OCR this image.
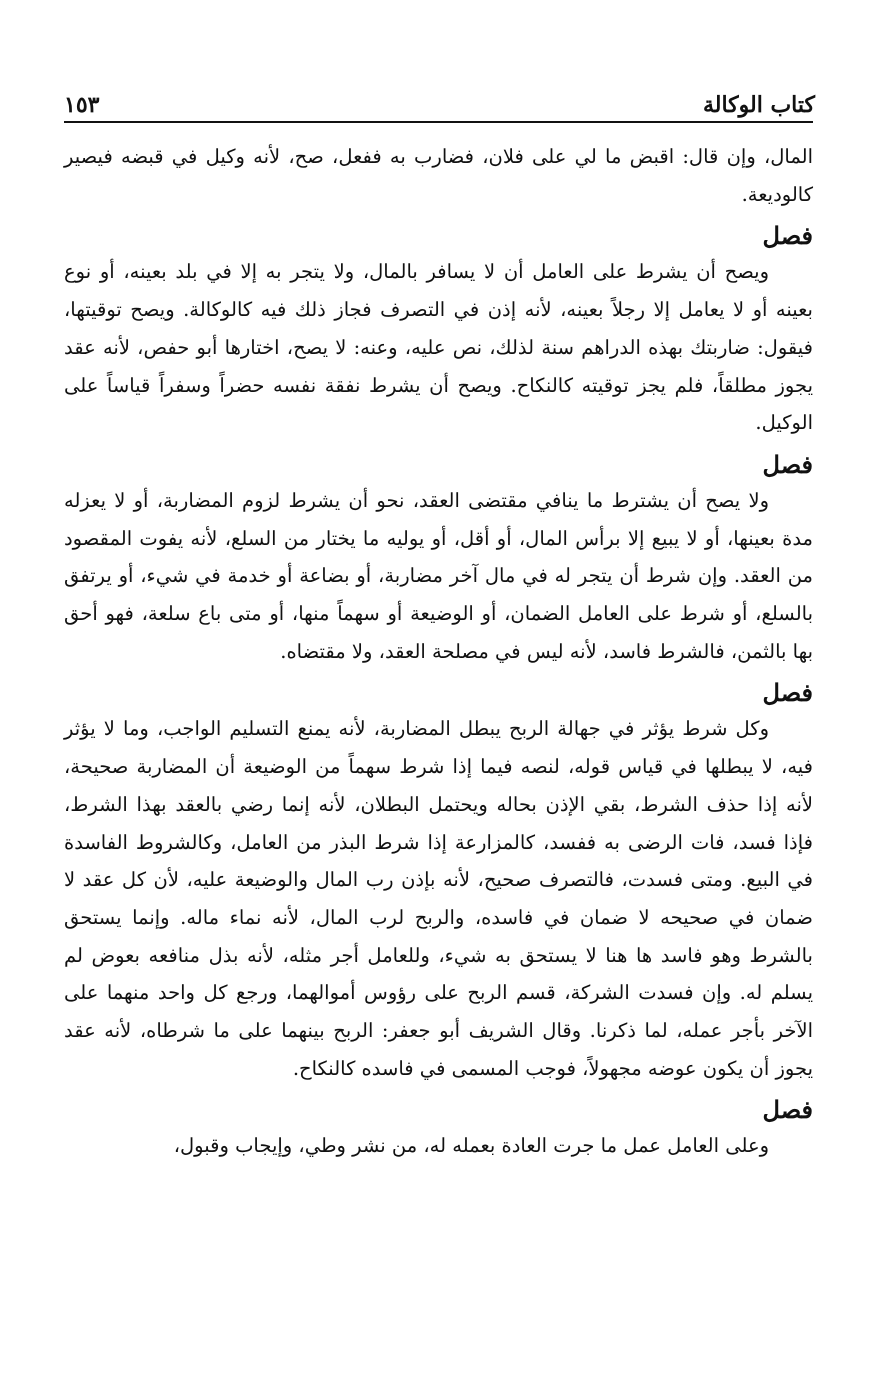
كتاب الوكالة
١٥٣

المال، وإن قال: اقبض ما لي على فلان، فضارب به ففعل، صح، لأنه وكيل في قبضه فيصير كالوديعة.

فصل

ويصح أن يشرط على العامل أن لا يسافر بالمال، ولا يتجر به إلا في بلد بعينه، أو نوع بعينه أو لا يعامل إلا رجلاً بعينه، لأنه إذن في التصرف فجاز ذلك فيه كالوكالة. ويصح توقيتها، فيقول: ضاربتك بهذه الدراهم سنة لذلك، نص عليه، وعنه: لا يصح، اختارها أبو حفص، لأنه عقد يجوز مطلقاً، فلم يجز توقيته كالنكاح. ويصح أن يشرط نفقة نفسه حضراً وسفراً قياساً على الوكيل.

فصل

ولا يصح أن يشترط ما ينافي مقتضى العقد، نحو أن يشرط لزوم المضاربة، أو لا يعزله مدة بعينها، أو لا يبيع إلا برأس المال، أو أقل، أو يوليه ما يختار من السلع، لأنه يفوت المقصود من العقد. وإن شرط أن يتجر له في مال آخر مضاربة، أو بضاعة أو خدمة في شيء، أو يرتفق بالسلع، أو شرط على العامل الضمان، أو الوضيعة أو سهماً منها، أو متى باع سلعة، فهو أحق بها بالثمن، فالشرط فاسد، لأنه ليس في مصلحة العقد، ولا مقتضاه.

فصل

وكل شرط يؤثر في جهالة الربح يبطل المضاربة، لأنه يمنع التسليم الواجب، وما لا يؤثر فيه، لا يبطلها في قياس قوله، لنصه فيما إذا شرط سهماً من الوضيعة أن المضاربة صحيحة، لأنه إذا حذف الشرط، بقي الإذن بحاله ويحتمل البطلان، لأنه إنما رضي بالعقد بهذا الشرط، فإذا فسد، فات الرضى به ففسد، كالمزارعة إذا شرط البذر من العامل، وكالشروط الفاسدة في البيع. ومتى فسدت، فالتصرف صحيح، لأنه بإذن رب المال والوضيعة عليه، لأن كل عقد لا ضمان في صحيحه لا ضمان في فاسده، والربح لرب المال، لأنه نماء ماله. وإنما يستحق بالشرط وهو فاسد ها هنا لا يستحق به شيء، وللعامل أجر مثله، لأنه بذل منافعه بعوض لم يسلم له. وإن فسدت الشركة، قسم الربح على رؤوس أموالهما، ورجع كل واحد منهما على الآخر بأجر عمله، لما ذكرنا. وقال الشريف أبو جعفر: الربح بينهما على ما شرطاه، لأنه عقد يجوز أن يكون عوضه مجهولاً، فوجب المسمى في فاسده كالنكاح.

فصل

وعلى العامل عمل ما جرت العادة بعمله له، من نشر وطي، وإيجاب وقبول،
